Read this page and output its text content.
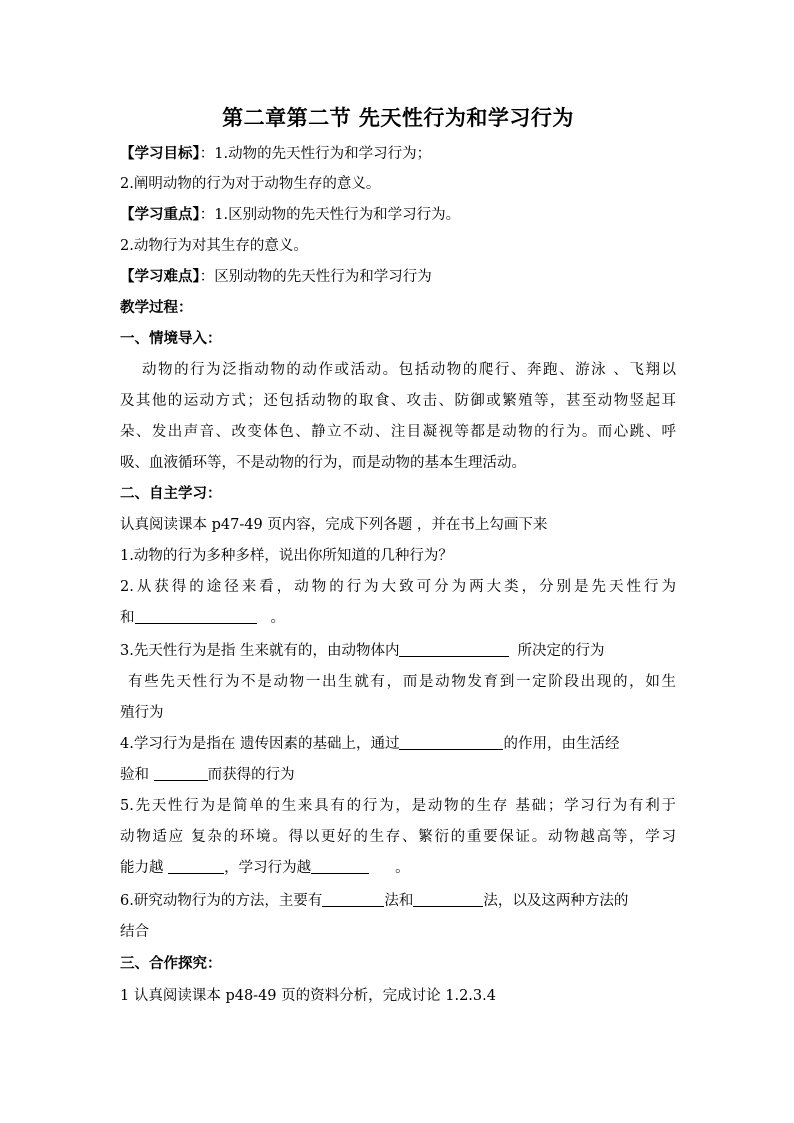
第二章第二节 先天性行为和学习行为
【学习目标】：1.动物的先天性行为和学习行为；
2.阐明动物的行为对于动物生存的意义。
【学习重点】：1.区别动物的先天性行为和学习行为。
2.动物行为对其生存的意义。
【学习难点】：区别动物的先天性行为和学习行为
教学过程：
一、情境导入：
动物的行为泛指动物的动作或活动。包括动物的爬行、奔跑、游泳 、飞翔以
及其他的运动方式；还包括动物的取食、攻击、防御或繁殖等，甚至动物竖起耳
朵、发出声音、改变体色、静立不动、注目凝视等都是动物的行为。而心跳、呼
吸、血液循环等，不是动物的行为，而是动物的基本生理活动。
二、自主学习：
认真阅读课本 p47-49 页内容，完成下列各题 ，并在书上勾画下来
1.动物的行为多种多样，说出你所知道的几种行为？
2.从获得的途径来看，动物的行为大致可分为两大类，分别是先天性行为
和	。
3.先天性行为是指 生来就有的，由动物体内	所决定的行为
有些先天性行为不是动物一出生就有，而是动物发育到一定阶段出现的，如生
殖行为
4.学习行为是指在 遗传因素的基础上，通过	的作用，由生活经
验和	而获得的行为
5.先天性行为是简单的生来具有的行为，是动物的生存 基础；学习行为有利于
动物适应 复杂的环境。得以更好的生存、繁衍的重要保证。动物越高等，学习
能力越	，学习行为越	。
6.研究动物行为的方法，主要有	法和	法，以及这两种方法的
结合
三、合作探究：
1 认真阅读课本 p48-49 页的资料分析，完成讨论 1.2.3.4
